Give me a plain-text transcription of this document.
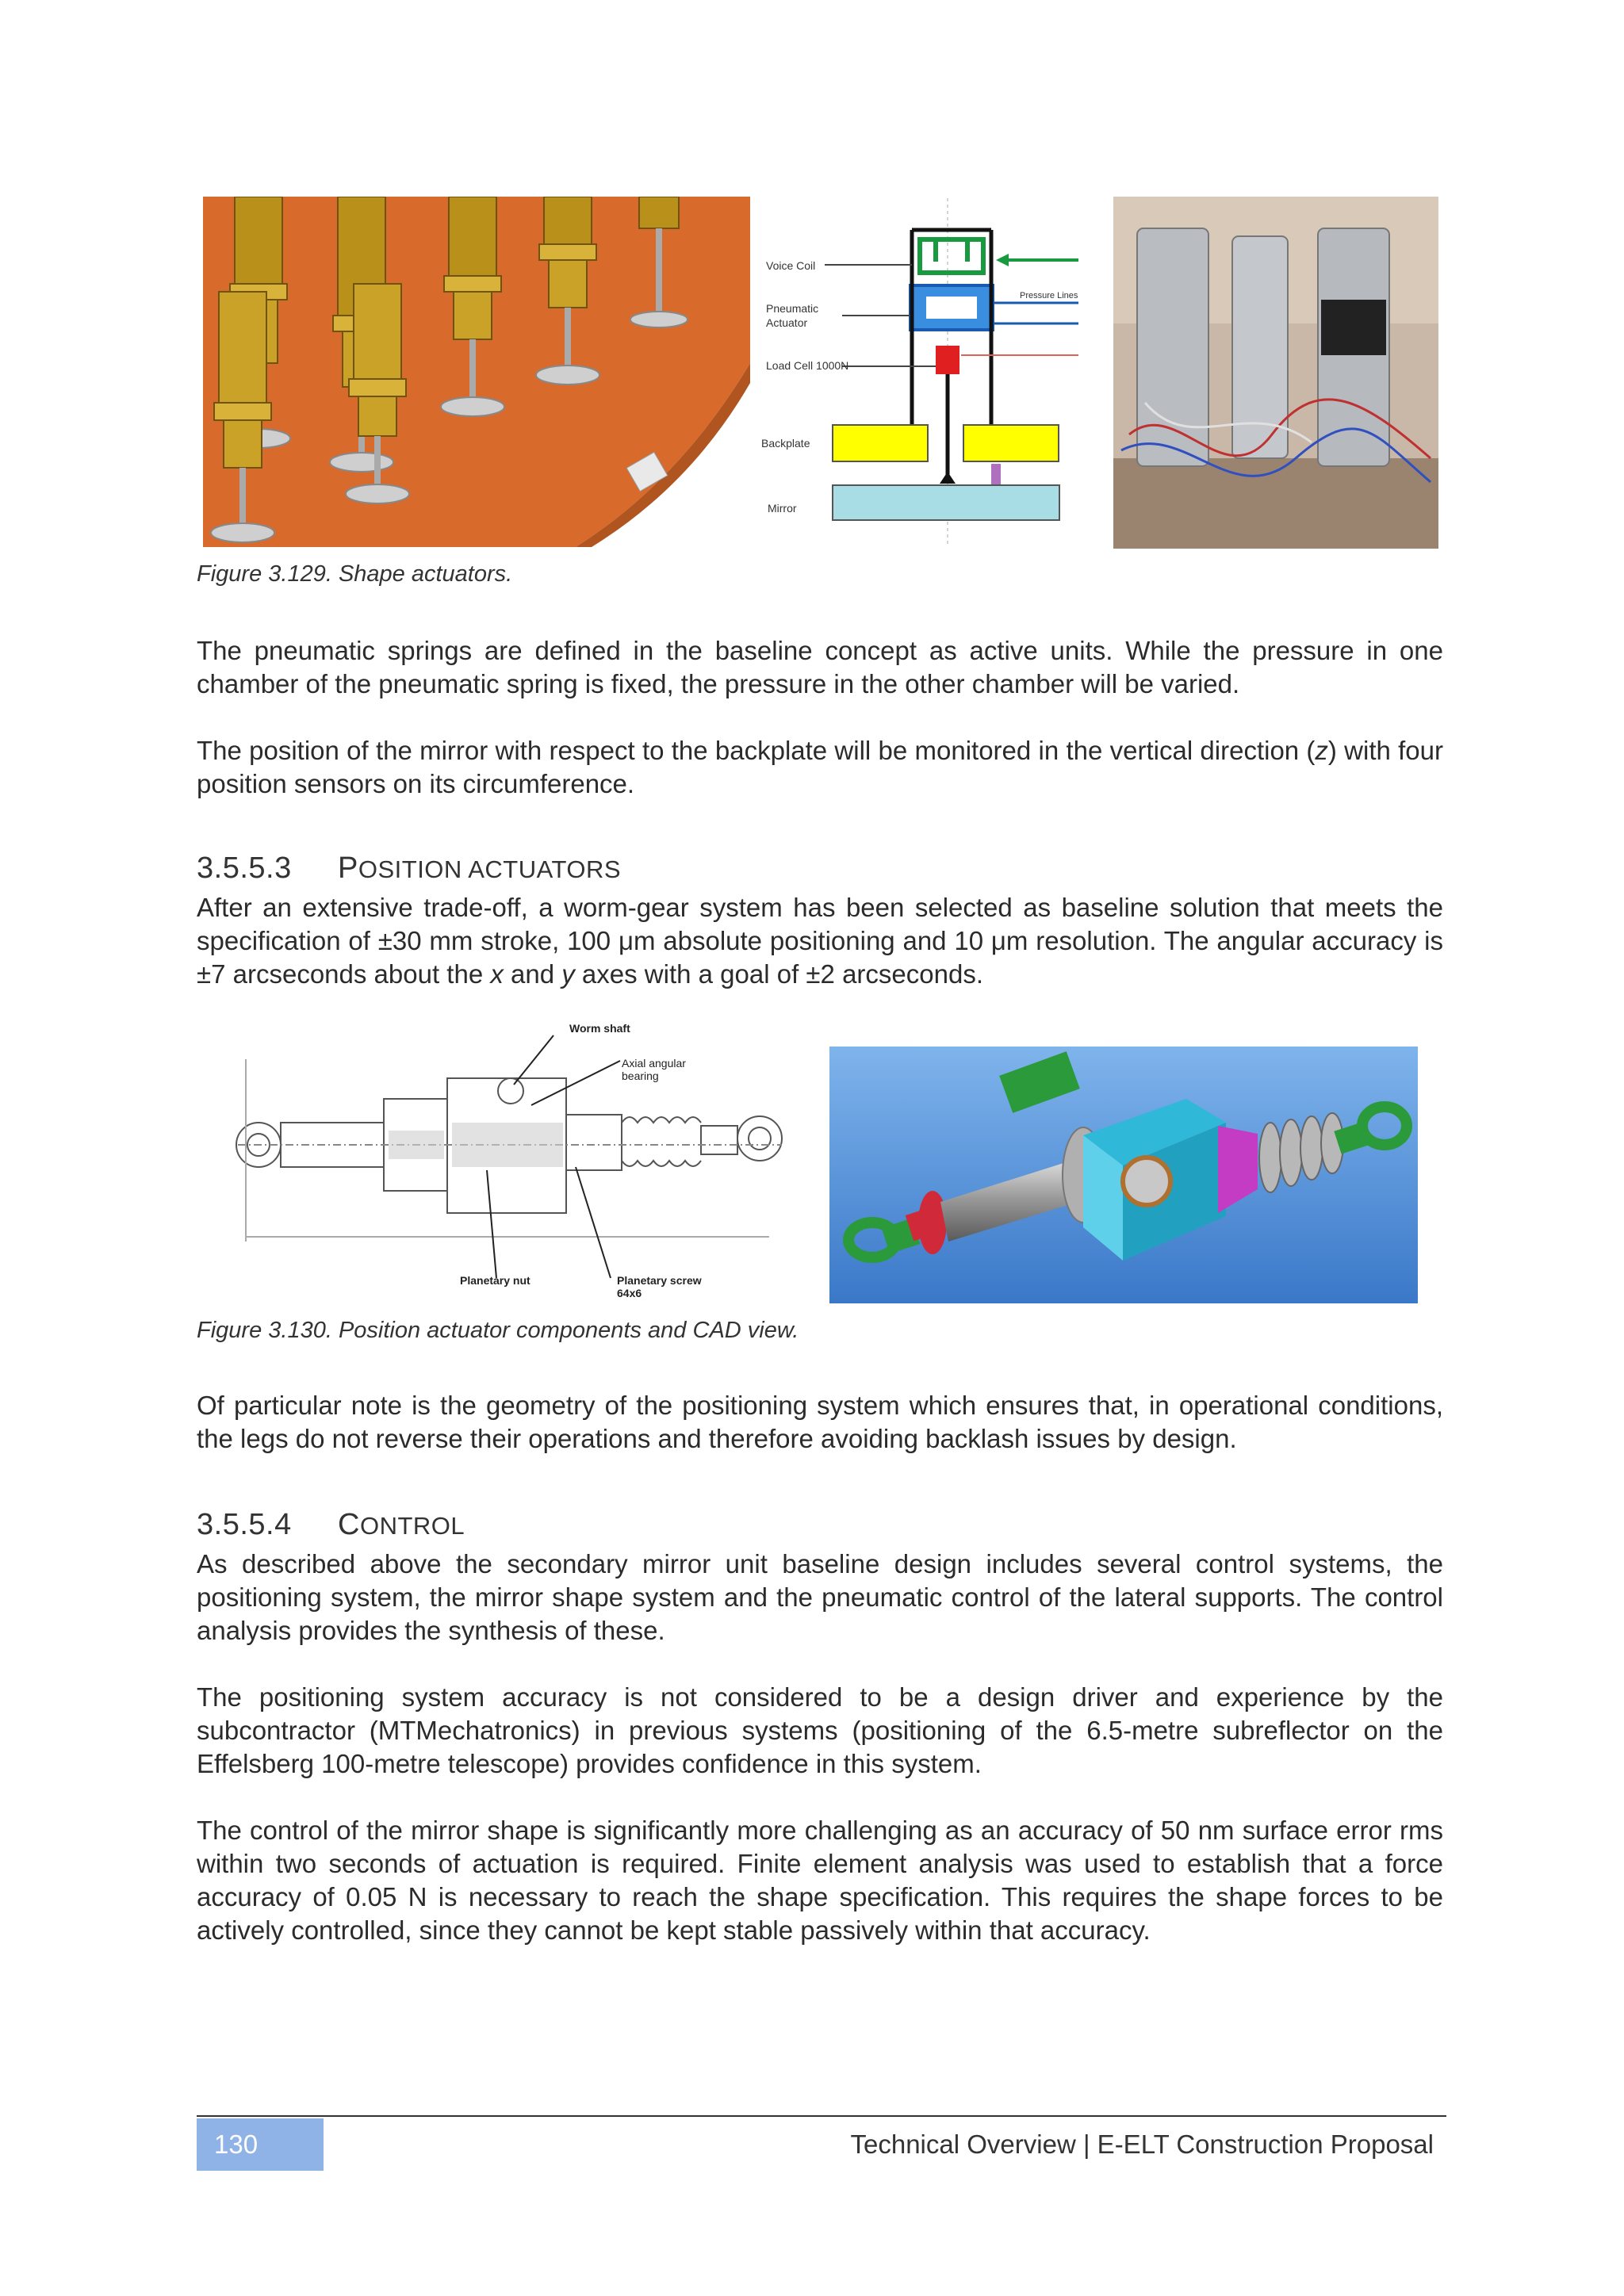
Voice Coil
Pneumatic
Actuator
Load Cell 1000N
Backplate
Mirror
Pressure Lines
Figure 3.129. Shape actuators.
The pneumatic springs are defined in the baseline concept as active units. While the pressure in one chamber of the pneumatic spring is fixed, the pressure in the other chamber will be varied.
The position of the mirror with respect to the backplate will be monitored in the vertical direction (z) with four position sensors on its circumference.
3.5.5.3 POSITION ACTUATORS
After an extensive trade-off, a worm-gear system has been selected as baseline solution that meets the specification of ±30 mm stroke, 100 μm absolute positioning and 10 μm resolution. The angular accuracy is ±7 arcseconds about the x and y axes with a goal of ±2 arcseconds.
Worm shaft
Axial angular
bearing
Planetary nut	Planetary screw
64x6
Figure 3.130. Position actuator components and CAD view.
Of particular note is the geometry of the positioning system which ensures that, in operational conditions, the legs do not reverse their operations and therefore avoiding backlash issues by design.
3.5.5.4 CONTROL
As described above the secondary mirror unit baseline design includes several control systems, the positioning system, the mirror shape system and the pneumatic control of the lateral supports. The control analysis provides the synthesis of these.
The positioning system accuracy is not considered to be a design driver and experience by the subcontractor (MTMechatronics) in previous systems (positioning of the 6.5-metre subreflector on the Effelsberg 100-metre telescope) provides confidence in this system.
The control of the mirror shape is significantly more challenging as an accuracy of 50 nm surface error rms within two seconds of actuation is required. Finite element analysis was used to establish that a force accuracy of 0.05 N is necessary to reach the shape specification. This requires the shape forces to be actively controlled, since they cannot be kept stable passively within that accuracy.
130	Technical Overview | E-ELT Construction Proposal
